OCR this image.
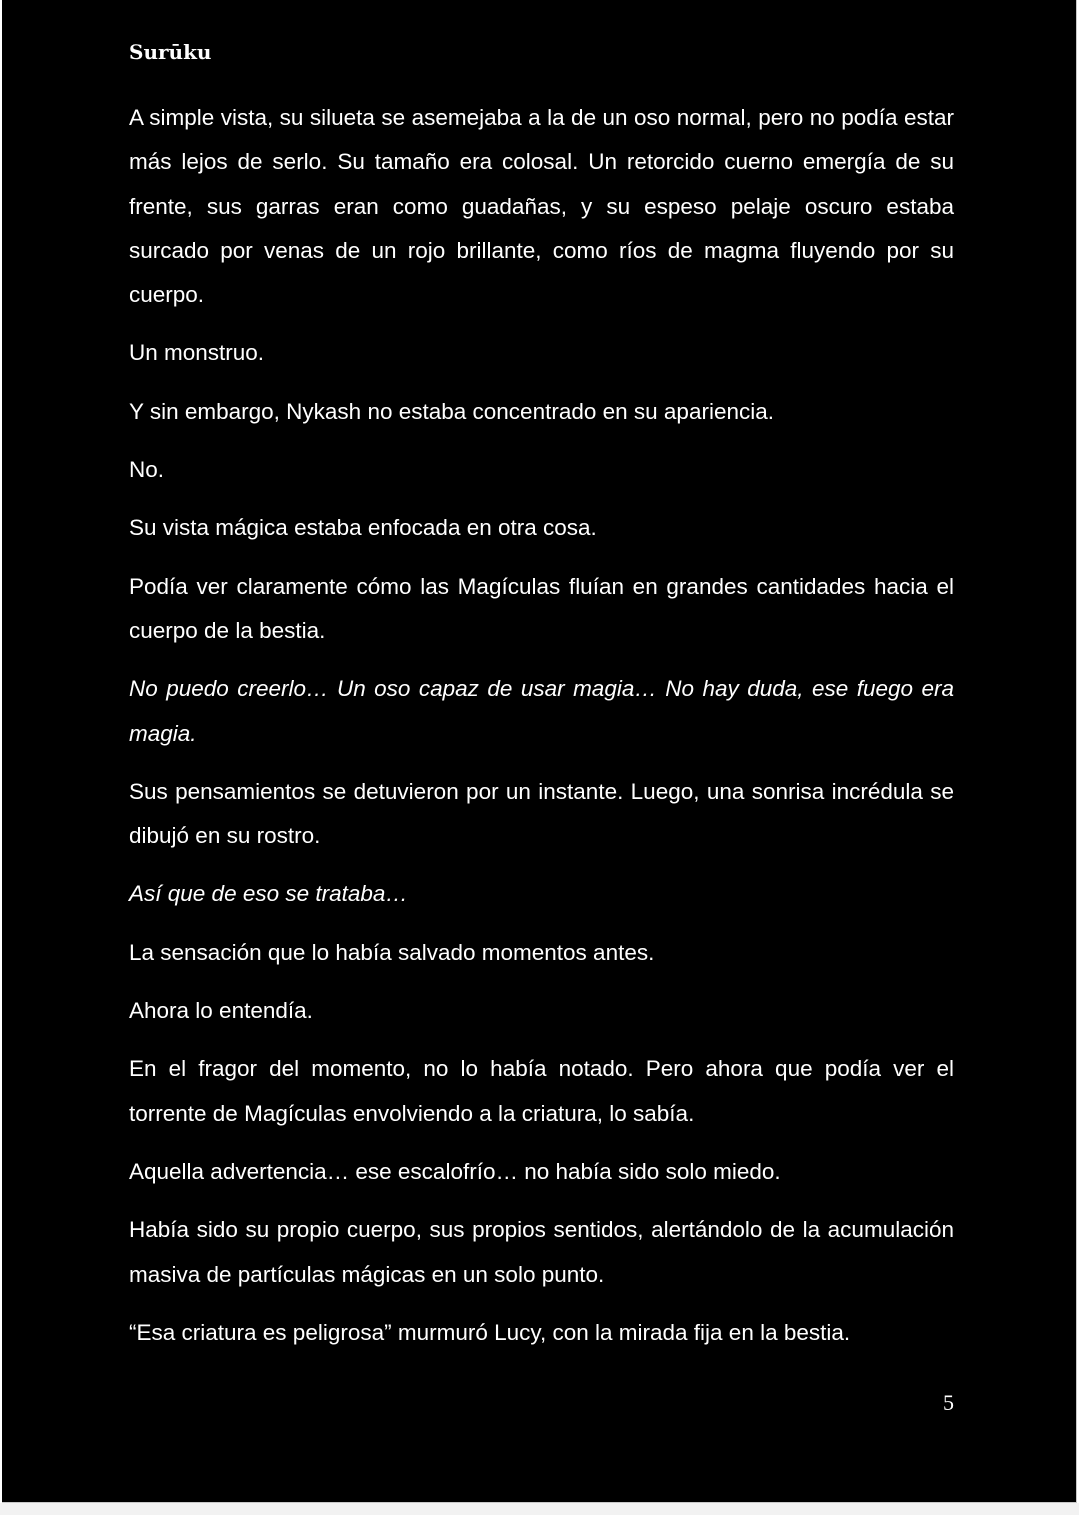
Surūku

A simple vista, su silueta se asemejaba a la de un oso normal, pero no podía estar más lejos de serlo. Su tamaño era colosal. Un retorcido cuerno emergía de su frente, sus garras eran como guadañas, y su espeso pelaje oscuro estaba surcado por venas de un rojo brillante, como ríos de magma fluyendo por su cuerpo.

Un monstruo.

Y sin embargo, Nykash no estaba concentrado en su apariencia.

No.

Su vista mágica estaba enfocada en otra cosa.

Podía ver claramente cómo las Magículas fluían en grandes cantidades hacia el cuerpo de la bestia.

No puedo creerlo… Un oso capaz de usar magia… No hay duda, ese fuego era magia.

Sus pensamientos se detuvieron por un instante. Luego, una sonrisa incrédula se dibujó en su rostro.

Así que de eso se trataba…

La sensación que lo había salvado momentos antes.

Ahora lo entendía.

En el fragor del momento, no lo había notado. Pero ahora que podía ver el torrente de Magículas envolviendo a la criatura, lo sabía.

Aquella advertencia… ese escalofrío… no había sido solo miedo.

Había sido su propio cuerpo, sus propios sentidos, alertándolo de la acumulación masiva de partículas mágicas en un solo punto.

“Esa criatura es peligrosa” murmuró Lucy, con la mirada fija en la bestia.

5
